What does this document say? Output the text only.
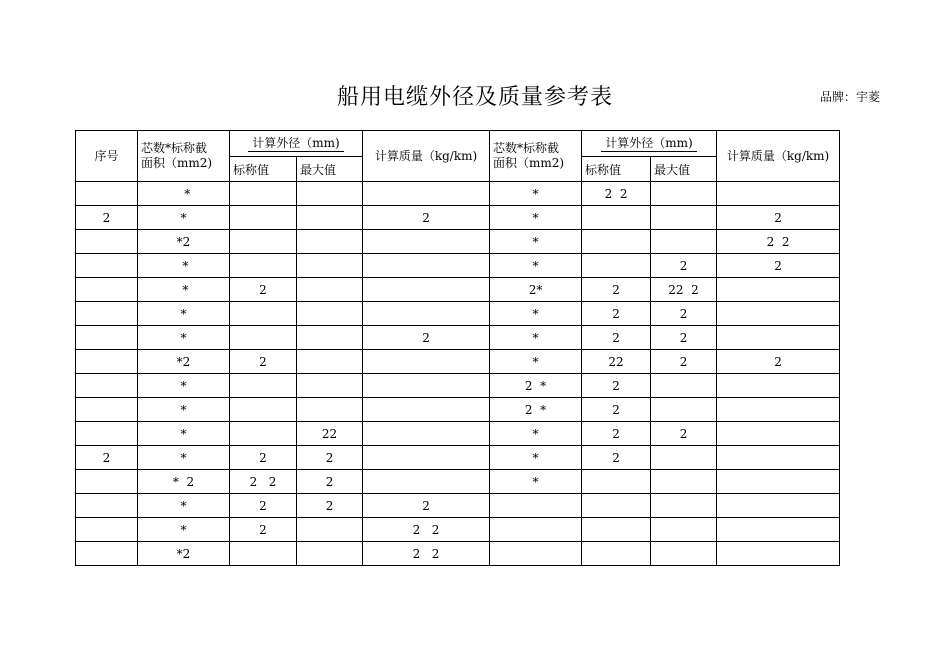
船用电缆外径及质量参考表	品牌：宇菱
序号	芯数*标称截
面积（mm2)	计算外径（mm)		计算质量（kg/km)	芯数*标称截
面积（mm2)	计算外径（mm)		计算质量（kg/km)
		标称值	最大值			标称值	最大值	
	*				*	2  2		
2	*			2	*			2
	*2				*			2  2
	*				*		2	2
	*	2			2*	2	22  2	
	*				*	2	2	
	*			2	*	2	2	
	*2	2			*	22	2	2
	*				2  *	2		
	*				2  *	2		
	*		22		*	2	2	
2	*	2	2		*	2		
	*  2	2   2	2		*			
	*	2	2	2				
	*	2		2   2				
	*2			2   2				
